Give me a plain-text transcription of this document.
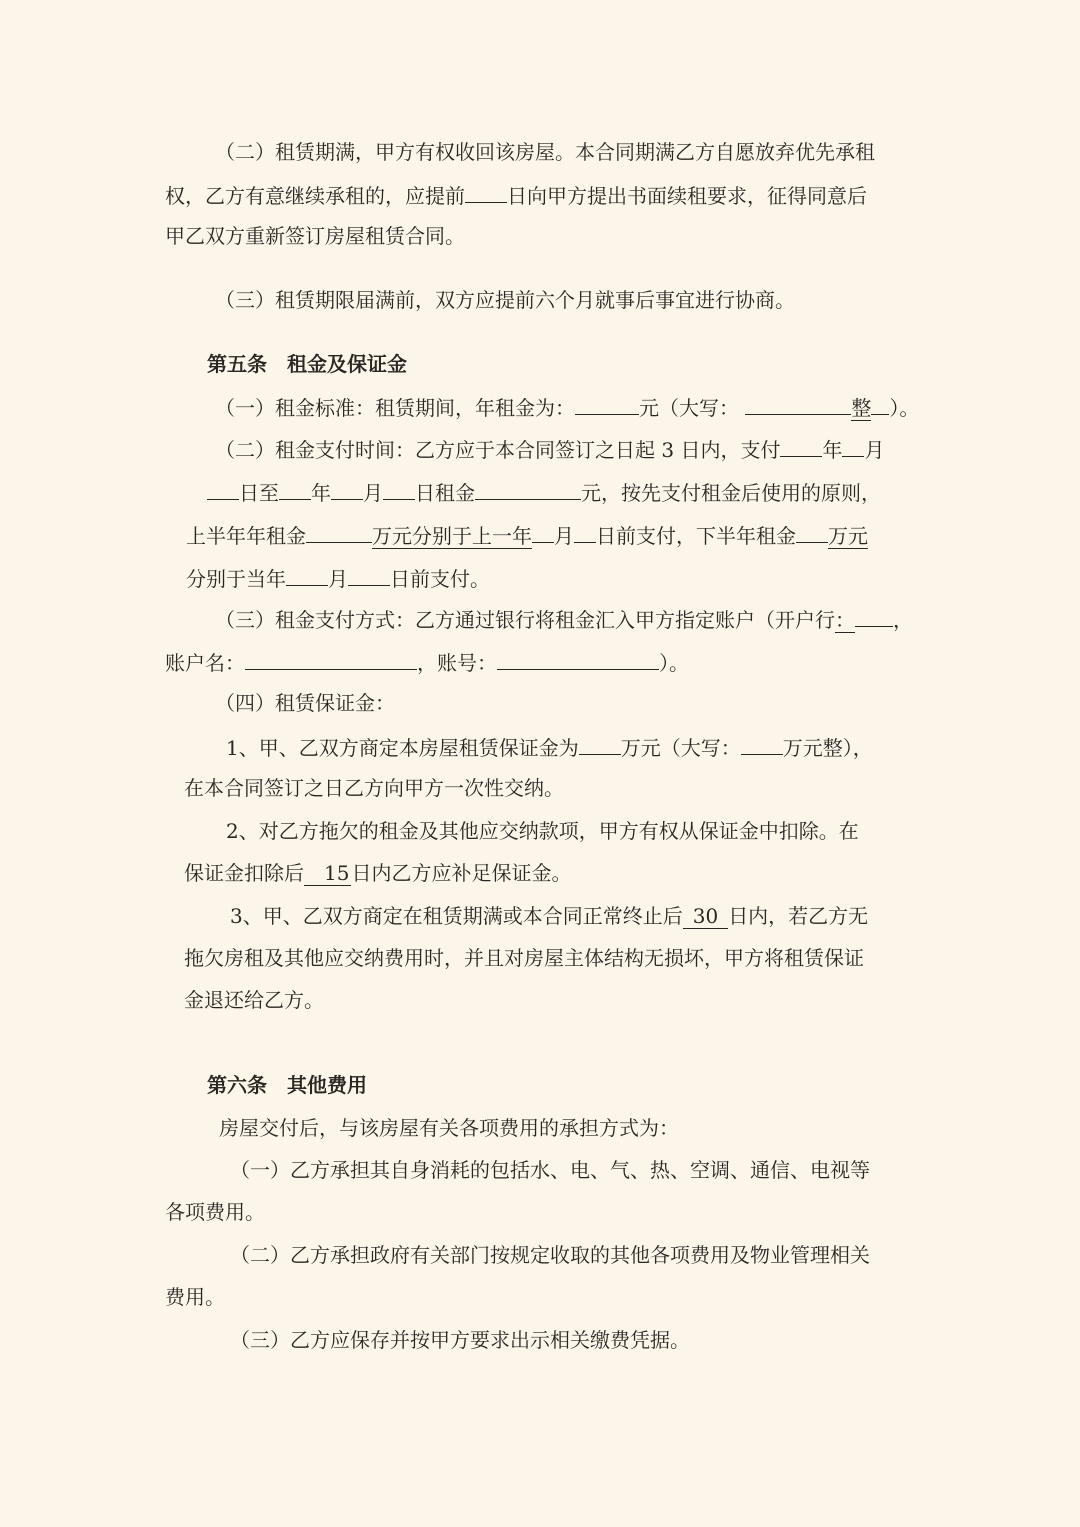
（二）租赁期满，甲方有权收回该房屋。本合同期满乙方自愿放弃优先承租
权，乙方有意继续承租的，应提前 日向甲方提出书面续租要求，征得同意后
甲乙双方重新签订房屋租赁合同。
（三）租赁期限届满前，双方应提前六个月就事后事宜进行协商。
第五条　租金及保证金
（一）租金标准：租赁期间，年租金为：	元（大写：	整 ）。
（二）租金支付时间：乙方应于本合同签订之日起 3 日内，支付 年 月
日至 年 月 日租金	元，按先支付租金后使用的原则，
上半年年租金	万元分别于上一年 月 日前支付，下半年租金 万元
分别于当年 月 日前支付。
（三）租金支付方式：乙方通过银行将租金汇入甲方指定账户（开户行： ，
账户名：	，账号：	）。
（四）租赁保证金：
1、甲、乙双方商定本房屋租赁保证金为 万元（大写： 万元整），
在本合同签订之日乙方向甲方一次性交纳。
2、对乙方拖欠的租金及其他应交纳款项，甲方有权从保证金中扣除。在
保证金扣除后 15 日内乙方应补足保证金。
3、甲、乙双方商定在租赁期满或本合同正常终止后 30 日内，若乙方无
拖欠房租及其他应交纳费用时，并且对房屋主体结构无损坏，甲方将租赁保证
金退还给乙方。
第六条　其他费用
房屋交付后，与该房屋有关各项费用的承担方式为：
（一）乙方承担其自身消耗的包括水、电、气、热、空调、通信、电视等
各项费用。
（二）乙方承担政府有关部门按规定收取的其他各项费用及物业管理相关
费用。
（三）乙方应保存并按甲方要求出示相关缴费凭据。
